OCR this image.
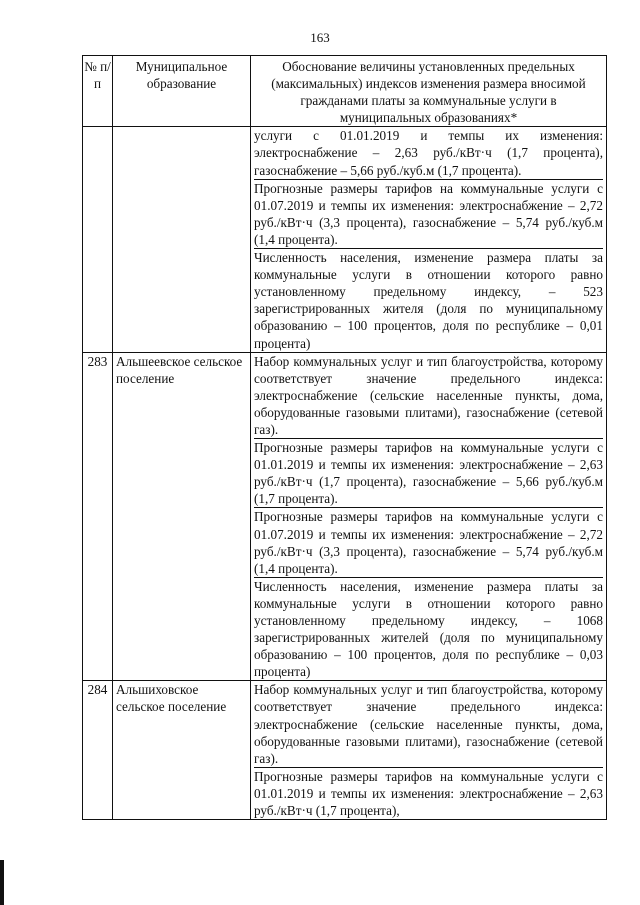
163
№ п/п	Муниципальное образование	Обоснование величины установленных предельных (максимальных) индексов изменения размера вносимой гражданами платы за коммунальные услуги в муниципальных образованиях*

		услуги с 01.01.2019 и темпы их изменения: электроснабжение – 2,63 руб./кВт·ч (1,7 процента), газоснабжение – 5,66 руб./куб.м (1,7 процента).
Прогнозные размеры тарифов на коммунальные услуги с 01.07.2019 и темпы их изменения: электроснабжение – 2,72 руб./кВт·ч (3,3 процента), газоснабжение – 5,74 руб./куб.м (1,4 процента).
Численность населения, изменение размера платы за коммунальные услуги в отношении которого равно установленному предельному индексу, – 523 зарегистрированных жителя (доля по муниципальному образованию – 100 процентов, доля по республике – 0,01 процента)

283	Альшеевское сельское поселение	Набор коммунальных услуг и тип благоустройства, которому соответствует значение предельного индекса: электроснабжение (сельские населенные пункты, дома, оборудованные газовыми плитами), газоснабжение (сетевой газ).
Прогнозные размеры тарифов на коммунальные услуги с 01.01.2019 и темпы их изменения: электроснабжение – 2,63 руб./кВт·ч (1,7 процента), газоснабжение – 5,66 руб./куб.м (1,7 процента).
Прогнозные размеры тарифов на коммунальные услуги с 01.07.2019 и темпы их изменения: электроснабжение – 2,72 руб./кВт·ч (3,3 процента), газоснабжение – 5,74 руб./куб.м (1,4 процента).
Численность населения, изменение размера платы за коммунальные услуги в отношении которого равно установленному предельному индексу, – 1068 зарегистрированных жителей (доля по муниципальному образованию – 100 процентов, доля по республике – 0,03 процента)

284	Альшиховское сельское поселение	Набор коммунальных услуг и тип благоустройства, которому соответствует значение предельного индекса: электроснабжение (сельские населенные пункты, дома, оборудованные газовыми плитами), газоснабжение (сетевой газ).
Прогнозные размеры тарифов на коммунальные услуги с 01.01.2019 и темпы их изменения: электроснабжение – 2,63 руб./кВт·ч (1,7 процента),
